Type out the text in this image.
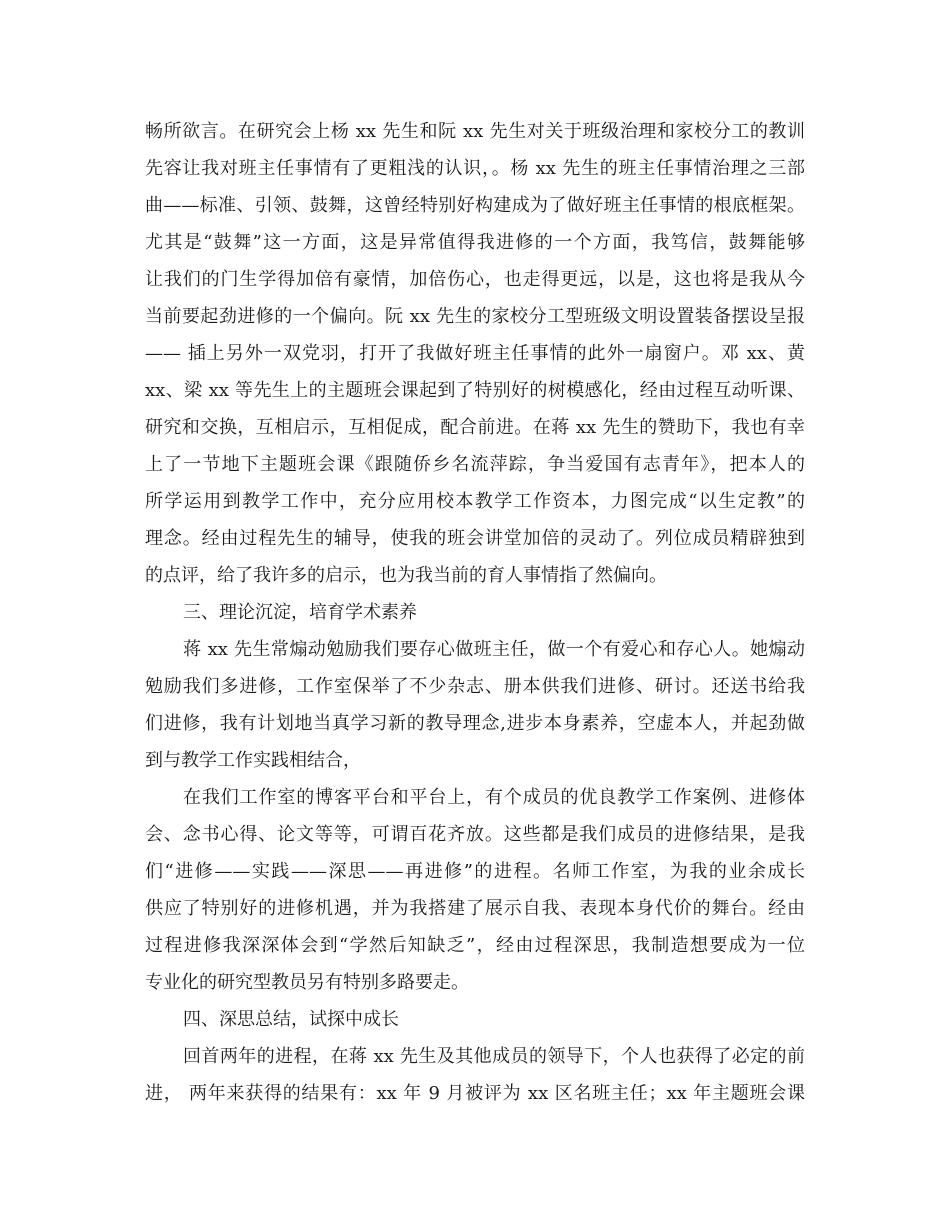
畅所欲言。在研究会上杨 xx 先生和阮 xx 先生对关于班级治理和家校分工的教训
先容让我对班主任事情有了更粗浅的认识，。杨 xx 先生的班主任事情治理之三部
曲——标准、引领、鼓舞，这曾经特别好构建成为了做好班主任事情的根底框架。
尤其是“鼓舞”这一方面，这是异常值得我进修的一个方面，我笃信，鼓舞能够
让我们的门生学得加倍有豪情，加倍伤心，也走得更远，以是，这也将是我从今
当前要起劲进修的一个偏向。阮 xx 先生的家校分工型班级文明设置装备摆设呈报
—— 插上另外一双党羽，打开了我做好班主任事情的此外一扇窗户。邓 xx、黄
xx、梁 xx 等先生上的主题班会课起到了特别好的树模感化，经由过程互动听课、
研究和交换，互相启示，互相促成，配合前进。在蒋 xx 先生的赞助下，我也有幸
上了一节地下主题班会课《跟随侨乡名流萍踪，争当爱国有志青年》，把本人的
所学运用到教学工作中，充分应用校本教学工作资本，力图完成“以生定教”的
理念。经由过程先生的辅导，使我的班会讲堂加倍的灵动了。列位成员精辟独到
的点评，给了我许多的启示，也为我当前的育人事情指了然偏向。
三、理论沉淀，培育学术素养
蒋 xx 先生常煽动勉励我们要存心做班主任，做一个有爱心和存心人。她煽动
勉励我们多进修，工作室保举了不少杂志、册本供我们进修、研讨。还送书给我
们进修，我有计划地当真学习新的教导理念,进步本身素养，空虚本人，并起劲做
到与教学工作实践相结合，
在我们工作室的博客平台和平台上，有个成员的优良教学工作案例、进修体
会、念书心得、论文等等，可谓百花齐放。这些都是我们成员的进修结果，是我
们“进修——实践——深思——再进修”的进程。名师工作室，为我的业余成长
供应了特别好的进修机遇，并为我搭建了展示自我、表现本身代价的舞台。经由
过程进修我深深体会到“学然后知缺乏”，经由过程深思，我制造想要成为一位
专业化的研究型教员另有特别多路要走。
四、深思总结，试探中成长
回首两年的进程，在蒋 xx 先生及其他成员的领导下，个人也获得了必定的前
进， 两年来获得的结果有：xx 年 9 月被评为 xx 区名班主任；xx 年主题班会课
